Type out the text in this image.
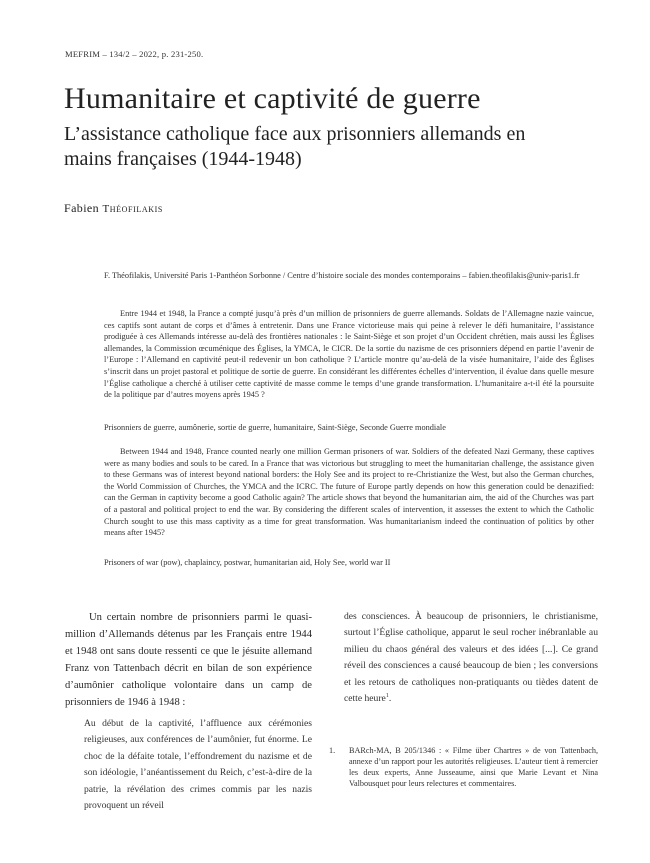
MEFRIM – 134/2 – 2022, p. 231-250.
Humanitaire et captivité de guerre
L’assistance catholique face aux prisonniers allemands en mains françaises (1944-1948)
Fabien Théofilakis
F. Théofilakis, Université Paris 1-Panthéon Sorbonne / Centre d’histoire sociale des mondes contemporains – fabien.theofilakis@univ-paris1.fr

Entre 1944 et 1948, la France a compté jusqu’à près d’un million de prisonniers de guerre allemands. Soldats de l’Allemagne nazie vaincue, ces captifs sont autant de corps et d’âmes à entretenir. Dans une France victorieuse mais qui peine à relever le défi humanitaire, l’assistance prodiguée à ces Allemands intéresse au-delà des frontières nationales : le Saint-Siège et son projet d’un Occident chrétien, mais aussi les Églises allemandes, la Commission œcuménique des Églises, la YMCA, le CICR. De la sortie du nazisme de ces prisonniers dépend en partie l’avenir de l’Europe : l’Allemand en captivité peut-il redevenir un bon catholique ? L’article montre qu’au-delà de la visée humanitaire, l’aide des Églises s’inscrit dans un projet pastoral et politique de sortie de guerre. En considérant les différentes échelles d’intervention, il évalue dans quelle mesure l’Église catholique a cherché à utiliser cette captivité de masse comme le temps d’une grande transformation. L’humanitaire a-t-il été la poursuite de la politique par d’autres moyens après 1945 ?

Prisonniers de guerre, aumônerie, sortie de guerre, humanitaire, Saint-Siège, Seconde Guerre mondiale

Between 1944 and 1948, France counted nearly one million German prisoners of war. Soldiers of the defeated Nazi Germany, these captives were as many bodies and souls to be cared. In a France that was victorious but struggling to meet the humanitarian challenge, the assistance given to these Germans was of interest beyond national borders: the Holy See and its project to re-Christianize the West, but also the German churches, the World Commission of Churches, the YMCA and the ICRC. The future of Europe partly depends on how this generation could be denazified: can the German in captivity become a good Catholic again? The article shows that beyond the humanitarian aim, the aid of the Churches was part of a pastoral and political project to end the war. By considering the different scales of intervention, it assesses the extent to which the Catholic Church sought to use this mass captivity as a time for great transformation. Was humanitarianism indeed the continuation of politics by other means after 1945?

Prisoners of war (pow), chaplaincy, postwar, humanitarian aid, Holy See, world war II

Un certain nombre de prisonniers parmi le quasi-million d’Allemands détenus par les Français entre 1944 et 1948 ont sans doute ressenti ce que le jésuite allemand Franz von Tattenbach décrit en bilan de son expérience d’aumônier catholique volontaire dans un camp de prisonniers de 1946 à 1948 :

Au début de la captivité, l’affluence aux cérémonies religieuses, aux conférences de l’aumônier, fut énorme. Le choc de la défaite totale, l’effondrement du nazisme et de son idéologie, l’anéantissement du Reich, c’est-à-dire de la patrie, la révélation des crimes commis par les nazis provoquent un réveil

des consciences. À beaucoup de prisonniers, le christianisme, surtout l’Église catholique, apparut le seul rocher inébranlable au milieu du chaos général des valeurs et des idées [...]. Ce grand réveil des consciences a causé beaucoup de bien ; les conversions et les retours de catholiques non-pratiquants ou tièdes datent de cette heure$^1$.

1.	BARch-MA, B 205/1346 : « Filme über Chartres » de von Tattenbach, annexe d’un rapport pour les autorités religieuses. L’auteur tient à remercier les deux experts, Anne Jusseaume, ainsi que Marie Levant et Nina Valbousquet pour leurs relectures et commentaires.
